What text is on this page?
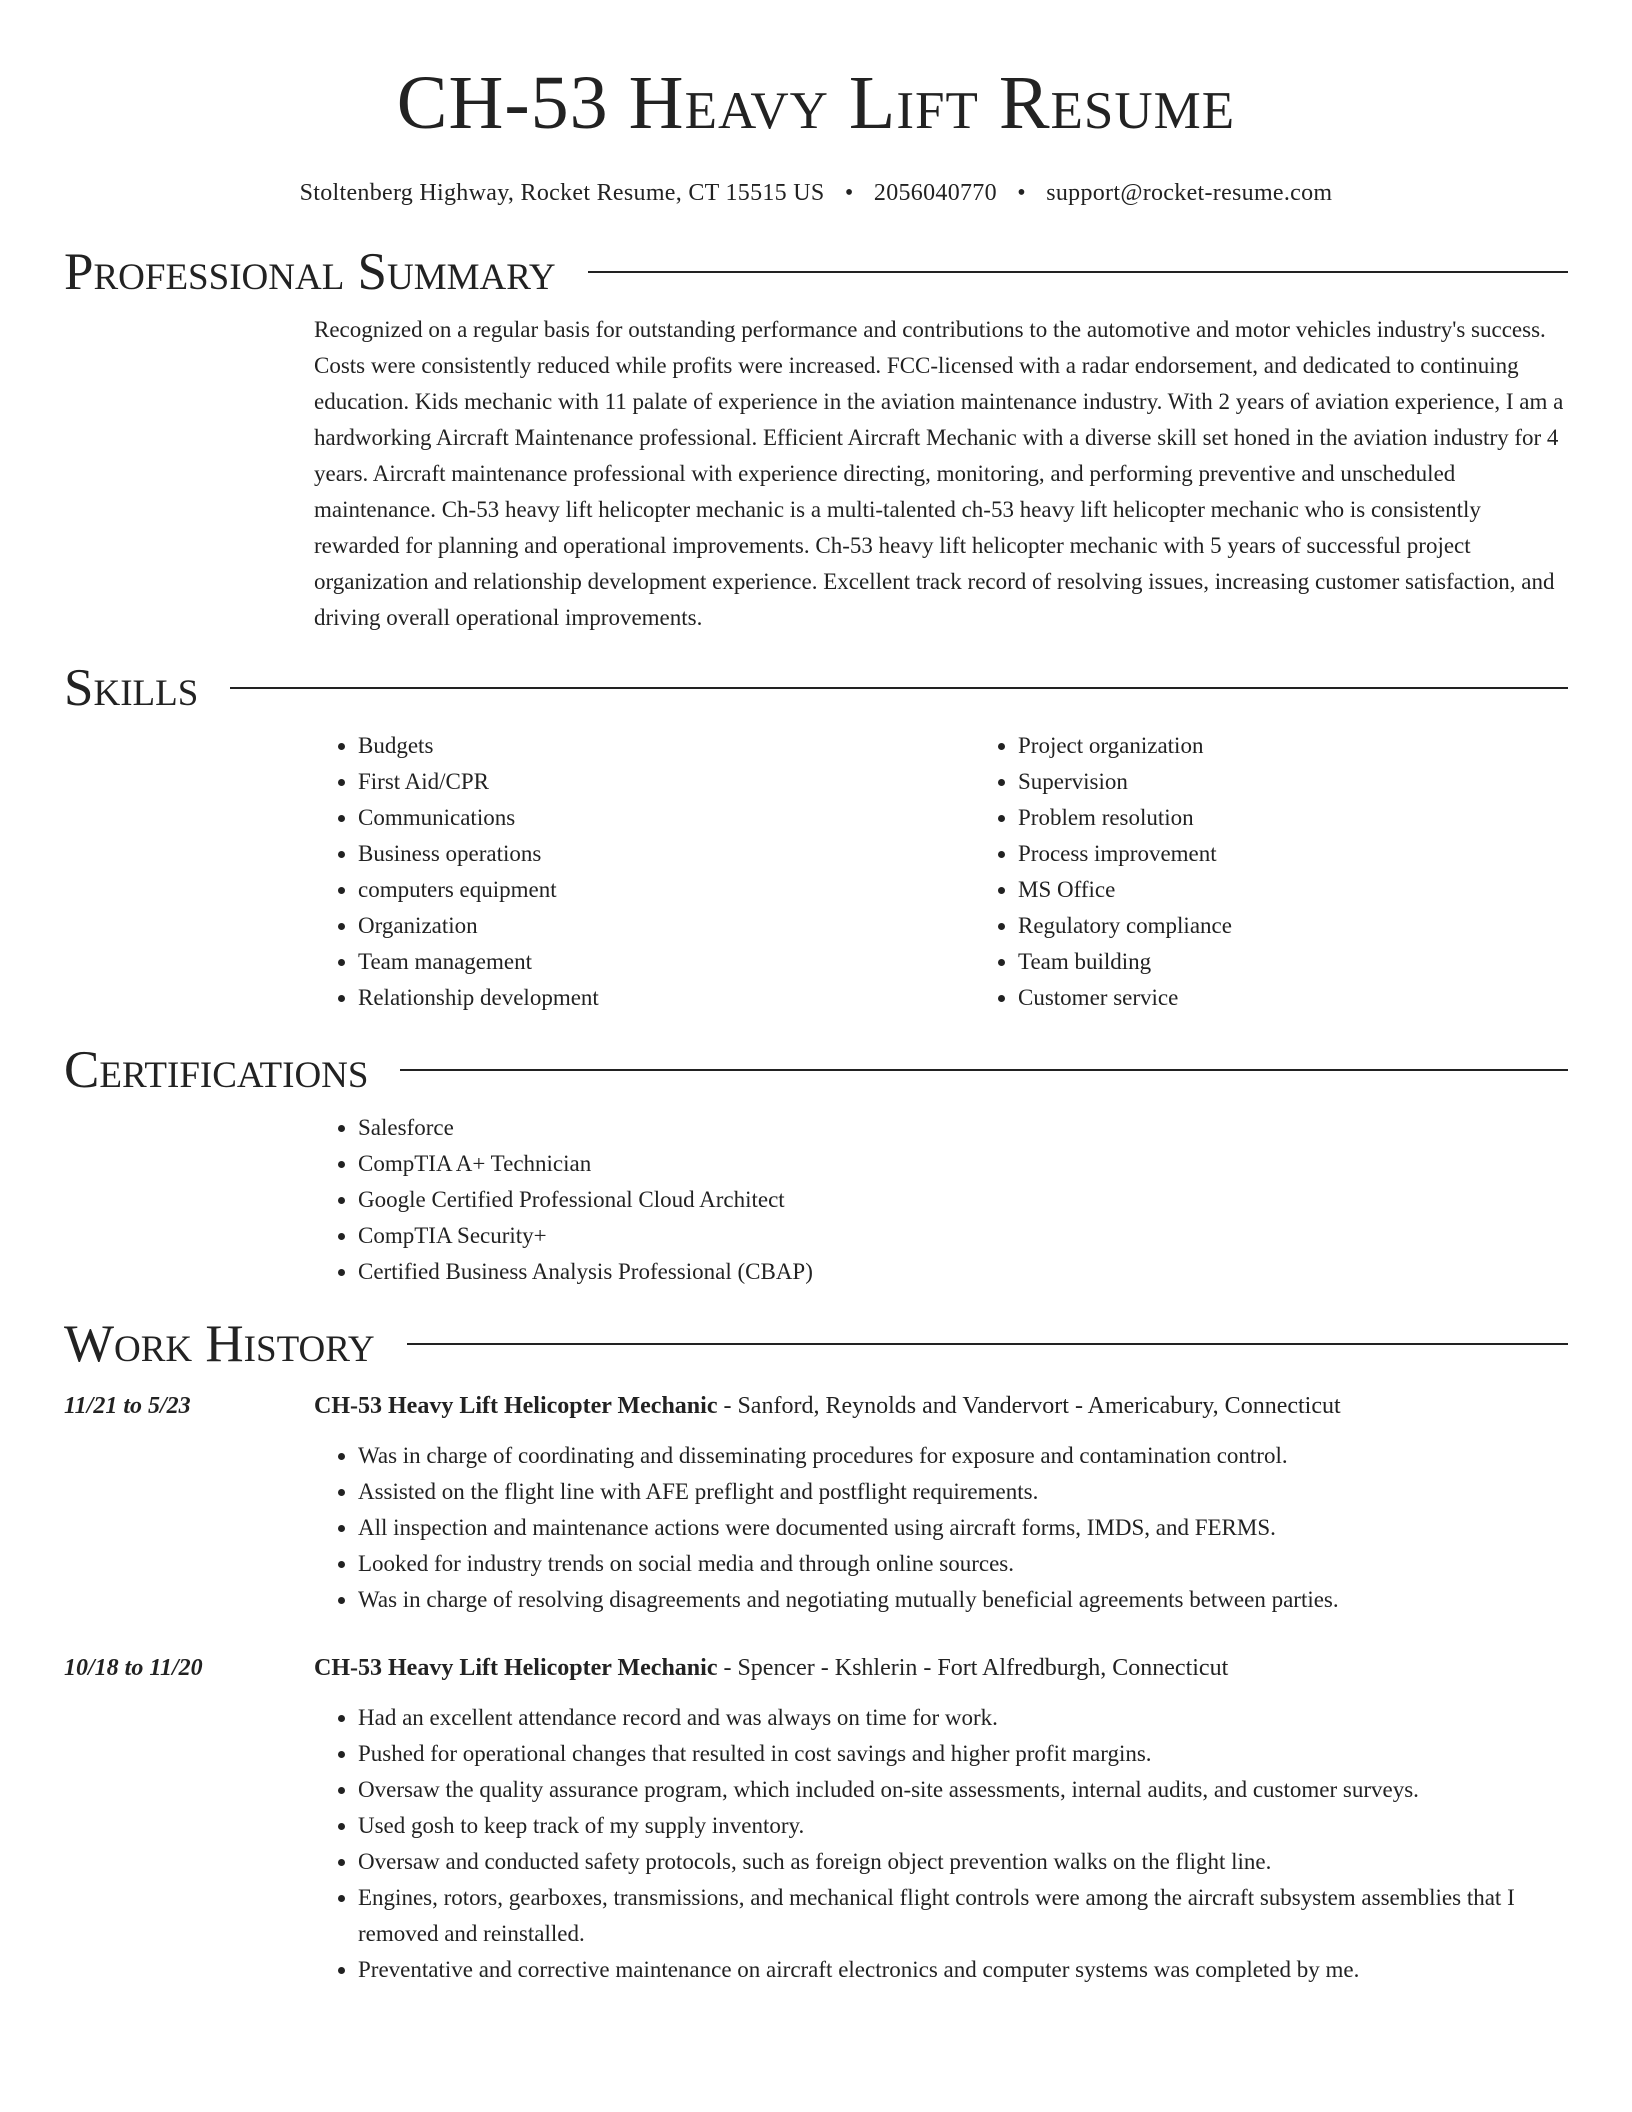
CH-53 Heavy Lift Resume
Stoltenberg Highway, Rocket Resume, CT 15515 US • 2056040770 • support@rocket-resume.com
Professional Summary

Recognized on a regular basis for outstanding performance and contributions to the automotive and motor vehicles industry's success. Costs were consistently reduced while profits were increased. FCC-licensed with a radar endorsement, and dedicated to continuing education. Kids mechanic with 11 palate of experience in the aviation maintenance industry. With 2 years of aviation experience, I am a hardworking Aircraft Maintenance professional. Efficient Aircraft Mechanic with a diverse skill set honed in the aviation industry for 4 years. Aircraft maintenance professional with experience directing, monitoring, and performing preventive and unscheduled maintenance. Ch-53 heavy lift helicopter mechanic is a multi-talented ch-53 heavy lift helicopter mechanic who is consistently rewarded for planning and operational improvements. Ch-53 heavy lift helicopter mechanic with 5 years of successful project organization and relationship development experience. Excellent track record of resolving issues, increasing customer satisfaction, and driving overall operational improvements.

Skills
• Budgets
• First Aid/CPR
• Communications
• Business operations
• computers equipment
• Organization
• Team management
• Relationship development
• Project organization
• Supervision
• Problem resolution
• Process improvement
• MS Office
• Regulatory compliance
• Team building
• Customer service
Certifications
• Salesforce
• CompTIA A+ Technician
• Google Certified Professional Cloud Architect
• CompTIA Security+
• Certified Business Analysis Professional (CBAP)
Work History
11/21 to 5/23	CH-53 Heavy Lift Helicopter Mechanic - Sanford, Reynolds and Vandervort - Americabury, Connecticut
• Was in charge of coordinating and disseminating procedures for exposure and contamination control.
• Assisted on the flight line with AFE preflight and postflight requirements.
• All inspection and maintenance actions were documented using aircraft forms, IMDS, and FERMS.
• Looked for industry trends on social media and through online sources.
• Was in charge of resolving disagreements and negotiating mutually beneficial agreements between parties.
10/18 to 11/20	CH-53 Heavy Lift Helicopter Mechanic - Spencer - Kshlerin - Fort Alfredburgh, Connecticut
• Had an excellent attendance record and was always on time for work.
• Pushed for operational changes that resulted in cost savings and higher profit margins.
• Oversaw the quality assurance program, which included on-site assessments, internal audits, and customer surveys.
• Used gosh to keep track of my supply inventory.
• Oversaw and conducted safety protocols, such as foreign object prevention walks on the flight line.
• Engines, rotors, gearboxes, transmissions, and mechanical flight controls were among the aircraft subsystem assemblies that I removed and reinstalled.
• Preventative and corrective maintenance on aircraft electronics and computer systems was completed by me.
